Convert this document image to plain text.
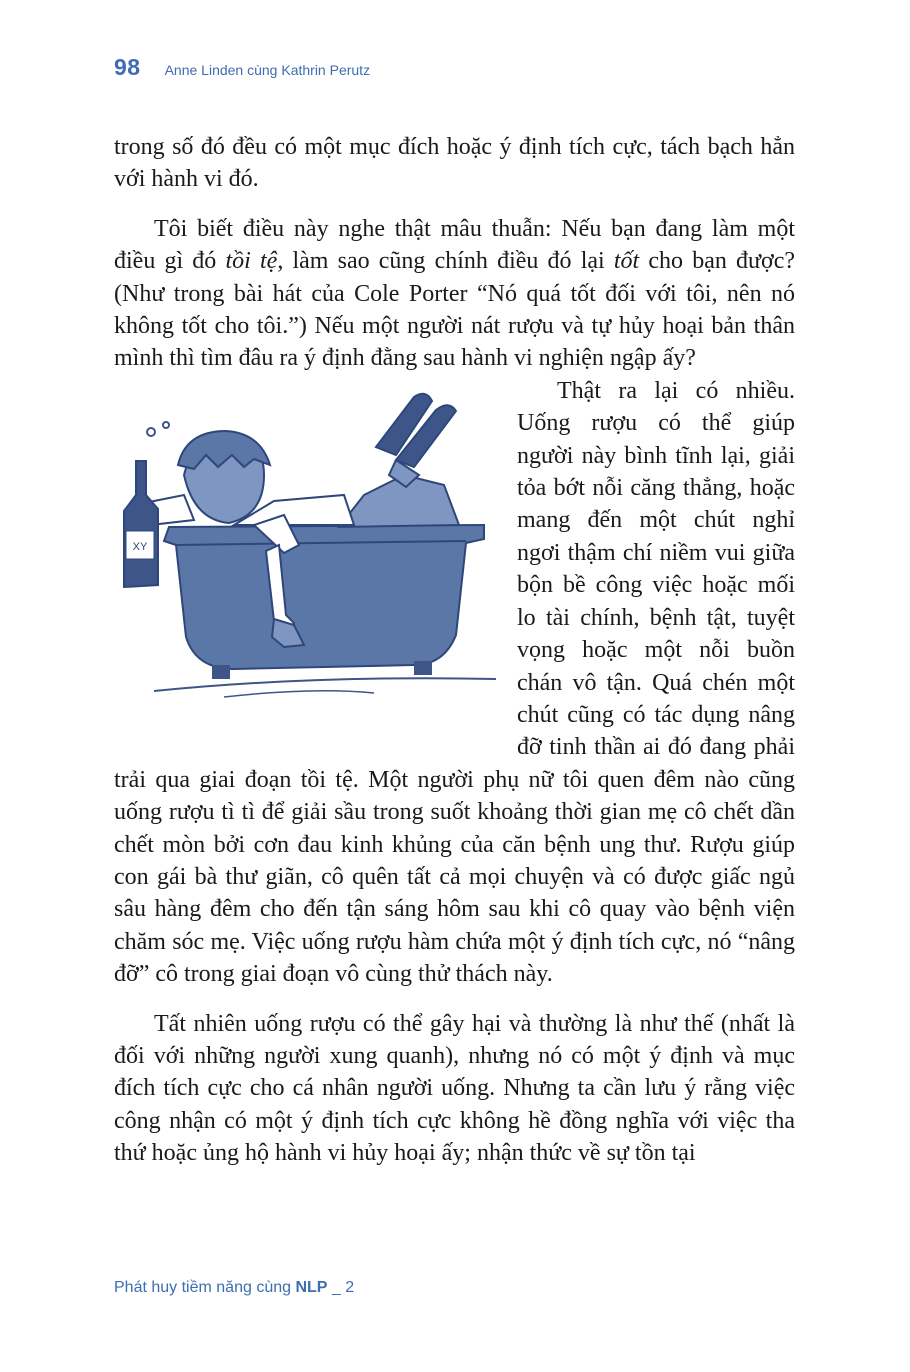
98 Anne Linden cùng Kathrin Perutz

trong số đó đều có một mục đích hoặc ý định tích cực, tách bạch hẳn với hành vi đó.

Tôi biết điều này nghe thật mâu thuẫn: Nếu bạn đang làm một điều gì đó tồi tệ, làm sao cũng chính điều đó lại tốt cho bạn được? (Như trong bài hát của Cole Porter “Nó quá tốt đối với tôi, nên nó không tốt cho tôi.”) Nếu một người nát rượu và tự hủy hoại bản thân mình thì tìm đâu ra ý định đằng sau hành vi nghiện ngập ấy?

XY

Thật ra lại có nhiều. Uống rượu có thể giúp người này bình tĩnh lại, giải tỏa bớt nỗi căng thẳng, hoặc mang đến một chút nghỉ ngơi thậm chí niềm vui giữa bộn bề công việc hoặc mối lo tài chính, bệnh tật, tuyệt vọng hoặc một nỗi buồn chán vô tận. Quá chén một chút cũng có tác dụng nâng đỡ tinh thần ai đó đang phải trải qua giai đoạn tồi tệ. Một người phụ nữ tôi quen đêm nào cũng uống rượu tì tì để giải sầu trong suốt khoảng thời gian mẹ cô chết dần chết mòn bởi cơn đau kinh khủng của căn bệnh ung thư. Rượu giúp con gái bà thư giãn, cô quên tất cả mọi chuyện và có được giấc ngủ sâu hàng đêm cho đến tận sáng hôm sau khi cô quay vào bệnh viện chăm sóc mẹ. Việc uống rượu hàm chứa một ý định tích cực, nó “nâng đỡ” cô trong giai đoạn vô cùng thử thách này.

Tất nhiên uống rượu có thể gây hại và thường là như thế (nhất là đối với những người xung quanh), nhưng nó có một ý định và mục đích tích cực cho cá nhân người uống. Nhưng ta cần lưu ý rằng việc công nhận có một ý định tích cực không hề đồng nghĩa với việc tha thứ hoặc ủng hộ hành vi hủy hoại ấy; nhận thức về sự tồn tại

Phát huy tiềm năng cùng NLP _ 2
